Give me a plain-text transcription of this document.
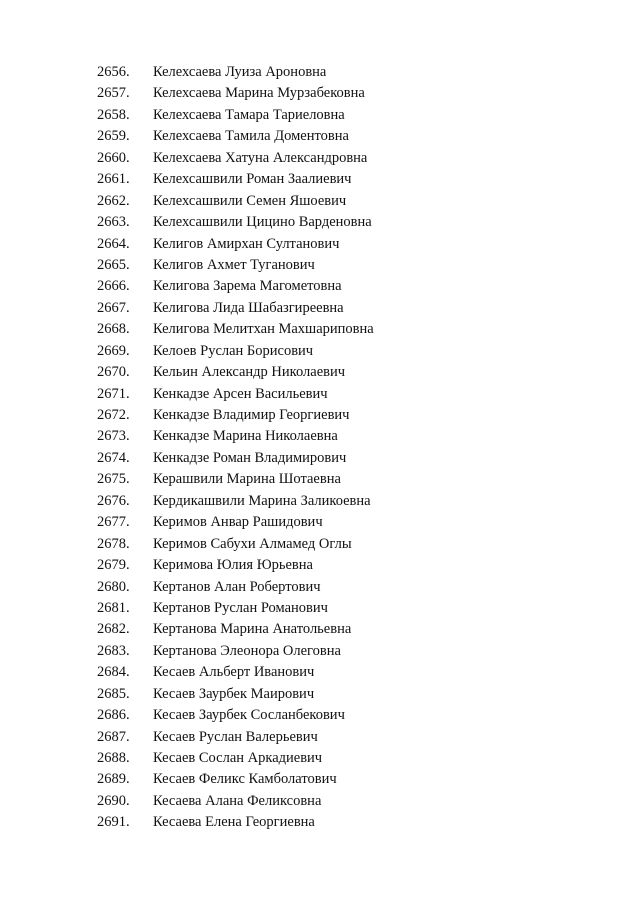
2656. Келехсаева Луиза Ароновна
2657. Келехсаева Марина Мурзабековна
2658. Келехсаева Тамара Тариеловна
2659. Келехсаева Тамила Доментовна
2660. Келехсаева Хатуна Александровна
2661. Келехсашвили Роман Заалиевич
2662. Келехсашвили Семен Яшоевич
2663. Келехсашвили Цицино Варденовна
2664. Келигов Амирхан Султанович
2665. Келигов Ахмет Туганович
2666. Келигова Зарема Магометовна
2667. Келигова Лида Шабазгиреевна
2668. Келигова Мелитхан Махшариповна
2669. Келоев Руслан Борисович
2670. Кельин Александр Николаевич
2671. Кенкадзе Арсен Васильевич
2672. Кенкадзе Владимир Георгиевич
2673. Кенкадзе Марина Николаевна
2674. Кенкадзе Роман Владимирович
2675. Керашвили Марина Шотаевна
2676. Кердикашвили Марина Заликоевна
2677. Керимов Анвар Рашидович
2678. Керимов Сабухи Алмамед Оглы
2679. Керимова Юлия Юрьевна
2680. Кертанов Алан Робертович
2681. Кертанов Руслан Романович
2682. Кертанова Марина Анатольевна
2683. Кертанова Элеонора Олеговна
2684. Кесаев Альберт Иванович
2685. Кесаев Заурбек Маирович
2686. Кесаев Заурбек Сосланбекович
2687. Кесаев Руслан Валерьевич
2688. Кесаев Сослан Аркадиевич
2689. Кесаев Феликс Камболатович
2690. Кесаева Алана Феликсовна
2691. Кесаева Елена Георгиевна
